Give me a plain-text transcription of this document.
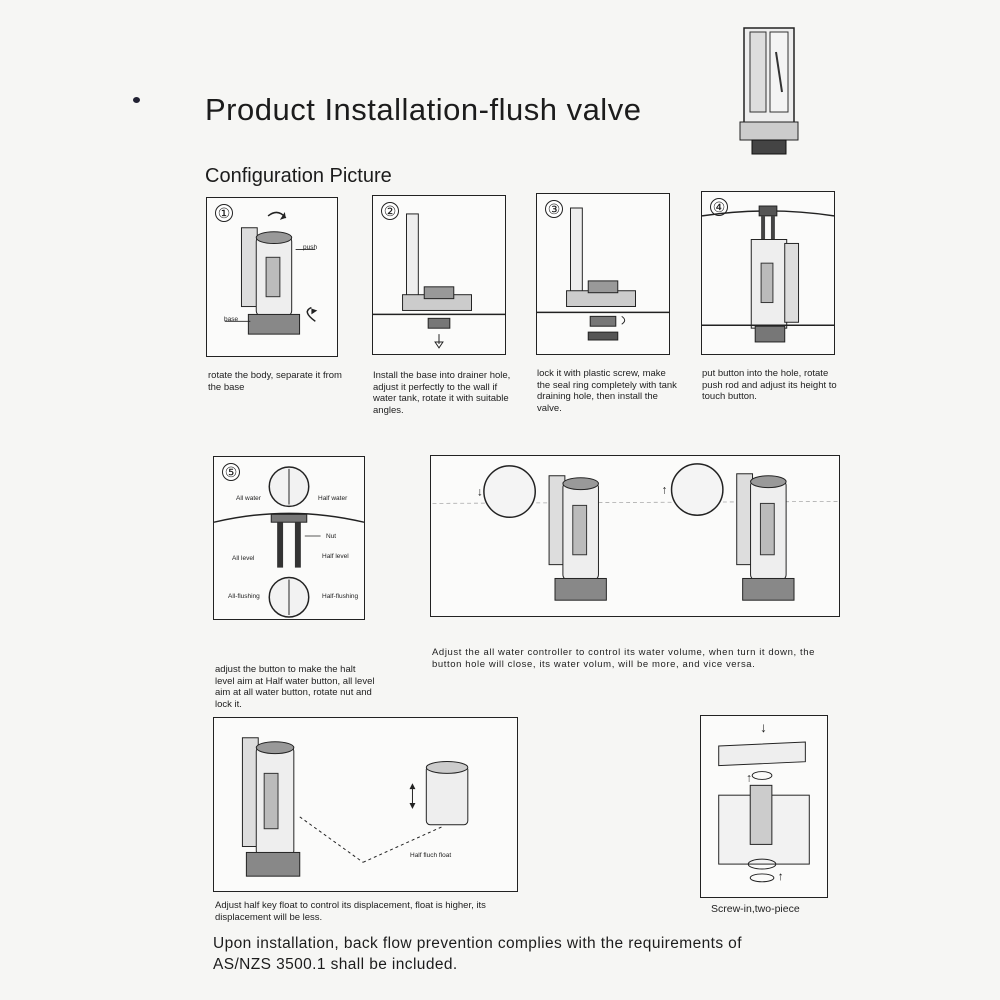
Product Installation-flush valve
Configuration Picture
①
push
base
rotate the body, separate it from the base
②
Install the base into drainer hole, adjust it perfectly to the wall if water tank, rotate it with suitable angles.
③
lock it with plastic screw, make the seal ring completely with tank draining hole, then install the valve.
④
put button into the hole, rotate push rod and adjust its height to touch button.
⑤
All water	Half water
Nut
All level	Half level
All-flushing	Half-flushing
adjust the button to make the halt level aim at Half water button, all level aim at all water button, rotate nut and lock it.
↓	↑
Adjust the all water controller to control its water volume, when turn it down, the button hole will close, its water volum, will be more, and vice versa.
Half fluch float
Adjust half key float to control its displacement, float is higher, its displacement will be less.
↓
↑
↑
Screw-in,two-piece
Upon installation, back flow prevention complies with the requirements of AS/NZS 3500.1 shall be included.
